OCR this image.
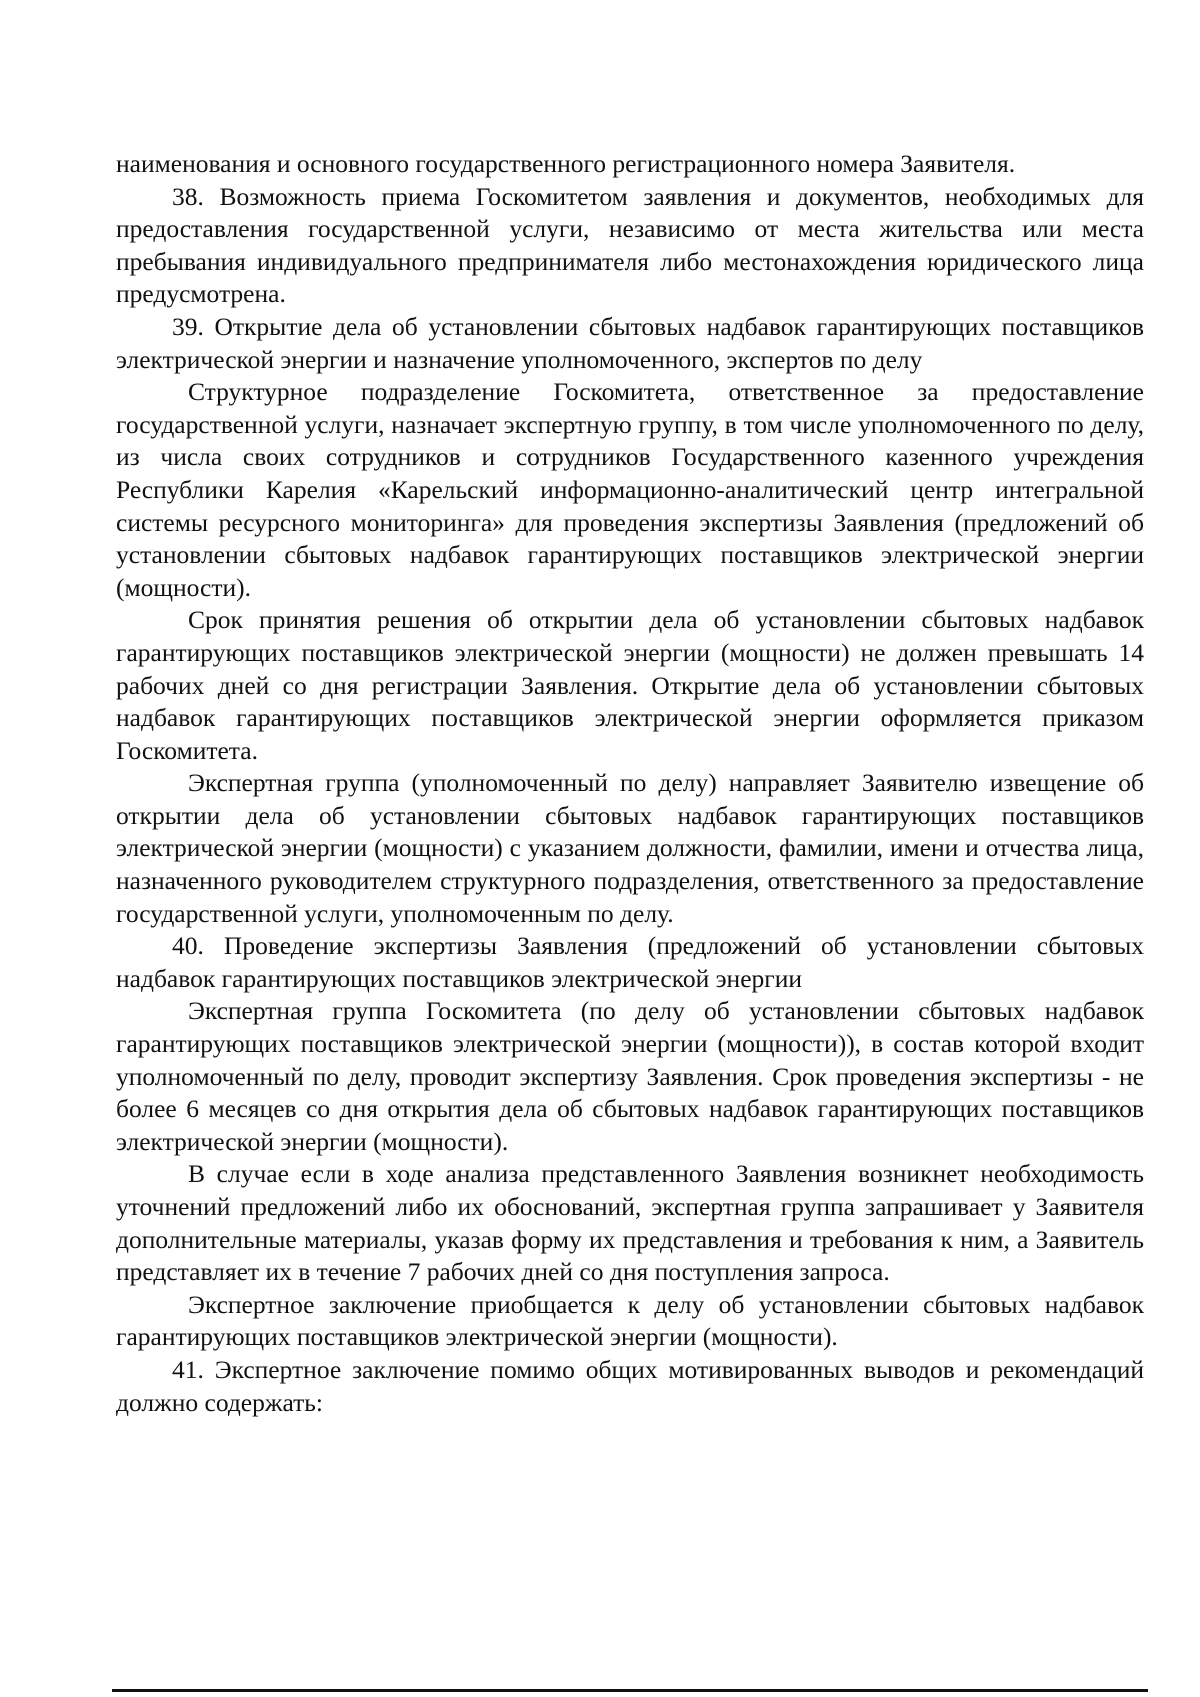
наименования и основного государственного регистрационного номера Заявителя.

38. Возможность приема Госкомитетом заявления и документов, необходимых для предоставления государственной услуги, независимо от места жительства или места пребывания индивидуального предпринимателя либо местонахождения юридического лица предусмотрена.

39. Открытие дела об установлении сбытовых надбавок гарантирующих поставщиков электрической энергии и назначение уполномоченного, экспертов по делу

Структурное подразделение Госкомитета, ответственное за предоставление государственной услуги, назначает экспертную группу, в том числе уполномоченного по делу, из числа своих сотрудников и сотрудников Государственного казенного учреждения Республики Карелия «Карельский информационно-аналитический центр интегральной системы ресурсного мониторинга» для проведения экспертизы Заявления (предложений об установлении сбытовых надбавок гарантирующих поставщиков электрической энергии (мощности).

Срок принятия решения об открытии дела об установлении сбытовых надбавок гарантирующих поставщиков электрической энергии (мощности) не должен превышать 14 рабочих дней со дня регистрации Заявления. Открытие дела об установлении сбытовых надбавок гарантирующих поставщиков электрической энергии оформляется приказом Госкомитета.

Экспертная группа (уполномоченный по делу) направляет Заявителю извещение об открытии дела об установлении сбытовых надбавок гарантирующих поставщиков электрической энергии (мощности) с указанием должности, фамилии, имени и отчества лица, назначенного руководителем структурного подразделения, ответственного за предоставление государственной услуги, уполномоченным по делу.

40. Проведение экспертизы Заявления (предложений об установлении сбытовых надбавок гарантирующих поставщиков электрической энергии

Экспертная группа Госкомитета (по делу об установлении сбытовых надбавок гарантирующих поставщиков электрической энергии (мощности)), в состав которой входит уполномоченный по делу, проводит экспертизу Заявления. Срок проведения экспертизы - не более 6 месяцев со дня открытия дела об сбытовых надбавок гарантирующих поставщиков электрической энергии (мощности).

В случае если в ходе анализа представленного Заявления возникнет необходимость уточнений предложений либо их обоснований, экспертная группа запрашивает у Заявителя дополнительные материалы, указав форму их представления и требования к ним, а Заявитель представляет их в течение 7 рабочих дней со дня поступления запроса.

Экспертное заключение приобщается к делу об установлении сбытовых надбавок гарантирующих поставщиков электрической энергии (мощности).

41. Экспертное заключение помимо общих мотивированных выводов и рекомендаций должно содержать:
